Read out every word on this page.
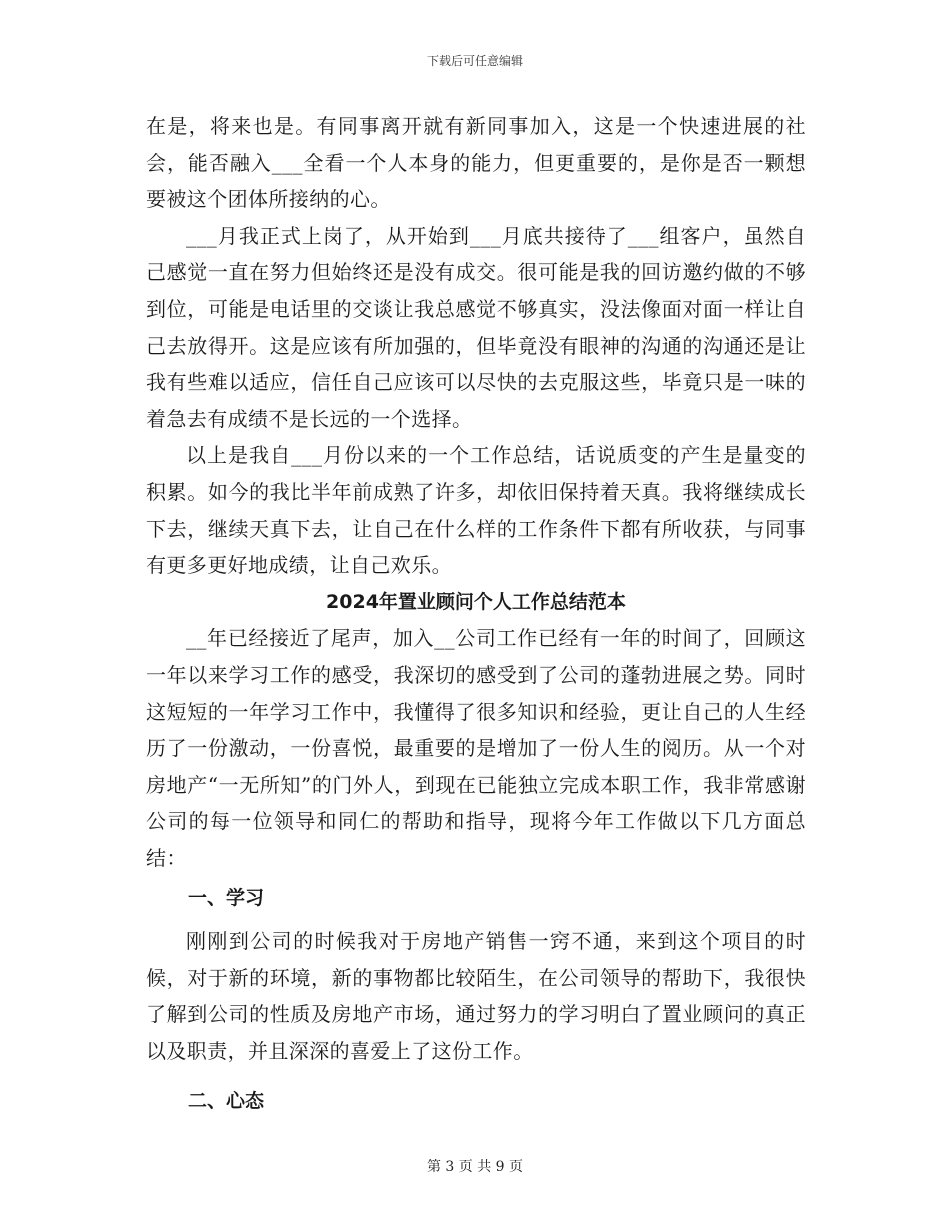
下载后可任意编辑

在是，将来也是。有同事离开就有新同事加入，这是一个快速进展的社会，能否融入___全看一个人本身的能力，但更重要的，是你是否一颗想要被这个团体所接纳的心。

___月我正式上岗了，从开始到___月底共接待了___组客户，虽然自己感觉一直在努力但始终还是没有成交。很可能是我的回访邀约做的不够到位，可能是电话里的交谈让我总感觉不够真实，没法像面对面一样让自己去放得开。这是应该有所加强的，但毕竟没有眼神的沟通的沟通还是让我有些难以适应，信任自己应该可以尽快的去克服这些，毕竟只是一味的着急去有成绩不是长远的一个选择。

以上是我自___月份以来的一个工作总结，话说质变的产生是量变的积累。如今的我比半年前成熟了许多，却依旧保持着天真。我将继续成长下去，继续天真下去，让自己在什么样的工作条件下都有所收获，与同事有更多更好地成绩，让自己欢乐。

2024年置业顾问个人工作总结范本

__年已经接近了尾声，加入__公司工作已经有一年的时间了，回顾这一年以来学习工作的感受，我深切的感受到了公司的蓬勃进展之势。同时这短短的一年学习工作中，我懂得了很多知识和经验，更让自己的人生经历了一份激动，一份喜悦，最重要的是增加了一份人生的阅历。从一个对房地产“一无所知”的门外人，到现在已能独立完成本职工作，我非常感谢公司的每一位领导和同仁的帮助和指导，现将今年工作做以下几方面总结：

一、学习

刚刚到公司的时候我对于房地产销售一窍不通，来到这个项目的时候，对于新的环境，新的事物都比较陌生，在公司领导的帮助下，我很快了解到公司的性质及房地产市场，通过努力的学习明白了置业顾问的真正以及职责，并且深深的喜爱上了这份工作。

二、心态

第 3 页 共 9 页
